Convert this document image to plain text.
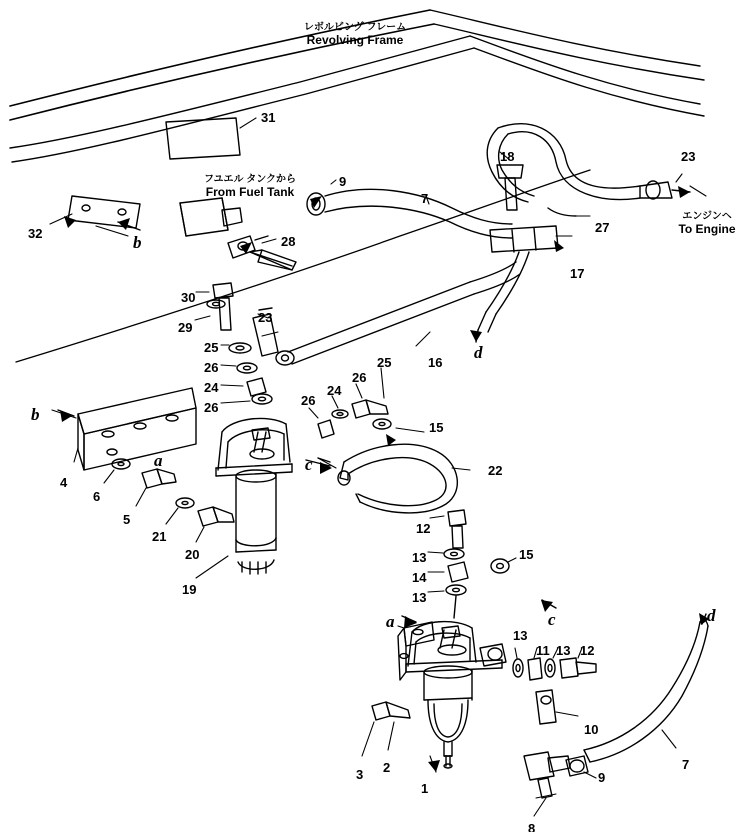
レボルビング フレーム
Revolving Frame
フユエル タンクから
From Fuel Tank
エンジンヘ
To Engine
31
32
9
7
18	23
27
17
28
30
29
25
26
24
26
23
16
26
24
26
25
15
22
4
6
5
21
20
19
12
13
14
13
15
13
11 13 12
10
9
8
3 2
1
7
b
b
a	c
d
c
a	d
